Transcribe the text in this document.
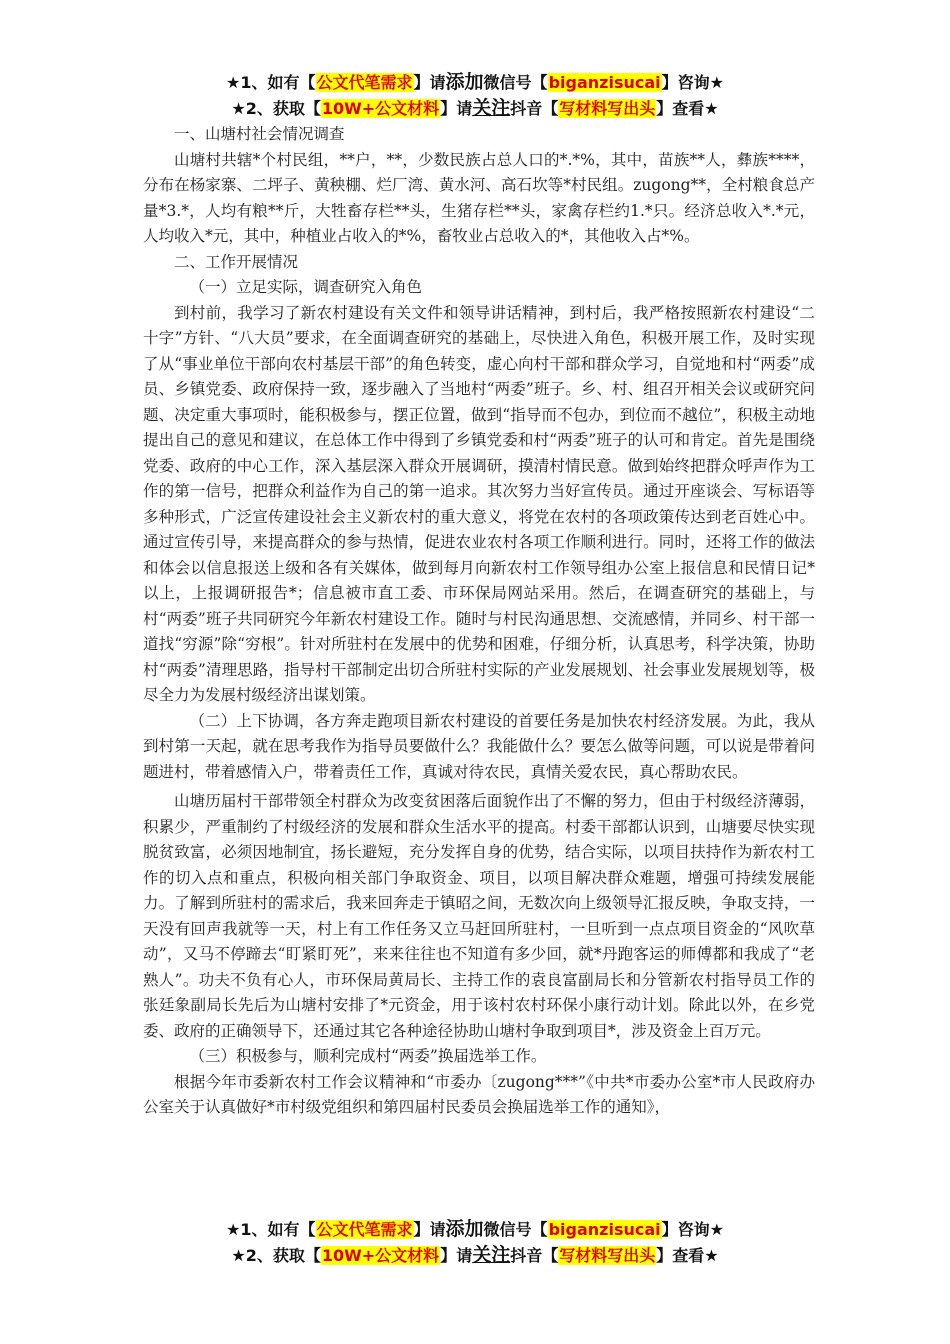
★1、如有【公文代笔需求】请添加微信号【biganzisucai】咨询★
★2、获取【10W+公文材料】请关注抖音【写材料写出头】查看★

一、山塘村社会情况调查

山塘村共辖*个村民组，**户，**，少数民族占总人口的*.*%，其中，苗族**人，彝族****，分布在杨家寨、二坪子、黄秧棚、烂厂湾、黄水河、高石坎等*村民组。zugong**，全村粮食总产量*3.*，人均有粮**斤，大牲畜存栏**头，生猪存栏**头，家禽存栏约1.*只。经济总收入*.*元，人均收入*元，其中，种植业占收入的*%，畜牧业占总收入的*，其他收入占*%。

二、工作开展情况

（一）立足实际，调查研究入角色

到村前，我学习了新农村建设有关文件和领导讲话精神，到村后，我严格按照新农村建设“二十字”方针、“八大员”要求，在全面调查研究的基础上，尽快进入角色，积极开展工作，及时实现了从“事业单位干部向农村基层干部”的角色转变，虚心向村干部和群众学习，自觉地和村“两委”成员、乡镇党委、政府保持一致，逐步融入了当地村“两委”班子。乡、村、组召开相关会议或研究问题、决定重大事项时，能积极参与，摆正位置，做到“指导而不包办，到位而不越位”，积极主动地提出自己的意见和建议，在总体工作中得到了乡镇党委和村“两委”班子的认可和肯定。首先是围绕党委、政府的中心工作，深入基层深入群众开展调研，摸清村情民意。做到始终把群众呼声作为工作的第一信号，把群众利益作为自己的第一追求。其次努力当好宣传员。通过开座谈会、写标语等多种形式，广泛宣传建设社会主义新农村的重大意义，将党在农村的各项政策传达到老百姓心中。通过宣传引导，来提高群众的参与热情，促进农业农村各项工作顺利进行。同时，还将工作的做法和体会以信息报送上级和各有关媒体，做到每月向新农村工作领导组办公室上报信息和民情日记*以上，上报调研报告*；信息被市直工委、市环保局网站采用。然后，在调查研究的基础上，与村“两委”班子共同研究今年新农村建设工作。随时与村民沟通思想、交流感情，并同乡、村干部一道找“穷源”除“穷根”。针对所驻村在发展中的优势和困难，仔细分析，认真思考，科学决策，协助村“两委”清理思路，指导村干部制定出切合所驻村实际的产业发展规划、社会事业发展规划等，极尽全力为发展村级经济出谋划策。

（二）上下协调，各方奔走跑项目新农村建设的首要任务是加快农村经济发展。为此，我从到村第一天起，就在思考我作为指导员要做什么？我能做什么？要怎么做等问题，可以说是带着问题进村，带着感情入户，带着责任工作，真诚对待农民，真情关爱农民，真心帮助农民。

山塘历届村干部带领全村群众为改变贫困落后面貌作出了不懈的努力，但由于村级经济薄弱，积累少，严重制约了村级经济的发展和群众生活水平的提高。村委干部都认识到，山塘要尽快实现脱贫致富，必须因地制宜，扬长避短，充分发挥自身的优势，结合实际，以项目扶持作为新农村工作的切入点和重点，积极向相关部门争取资金、项目，以项目解决群众难题，增强可持续发展能力。了解到所驻村的需求后，我来回奔走于镇昭之间，无数次向上级领导汇报反映，争取支持，一天没有回声我就等一天，村上有工作任务又立马赶回所驻村，一旦听到一点点项目资金的“风吹草动”，又马不停蹄去“盯紧盯死”，来来往往也不知道有多少回，就*丹跑客运的师傅都和我成了“老熟人”。功夫不负有心人，市环保局黄局长、主持工作的袁良富副局长和分管新农村指导员工作的张廷象副局长先后为山塘村安排了*元资金，用于该村农村环保小康行动计划。除此以外，在乡党委、政府的正确领导下，还通过其它各种途径协助山塘村争取到项目*，涉及资金上百万元。

（三）积极参与，顺利完成村“两委”换届选举工作。

根据今年市委新农村工作会议精神和“市委办〔zugong***”《中共*市委办公室*市人民政府办公室关于认真做好*市村级党组织和第四届村民委员会换届选举工作的通知》，

★1、如有【公文代笔需求】请添加微信号【biganzisucai】咨询★
★2、获取【10W+公文材料】请关注抖音【写材料写出头】查看★
